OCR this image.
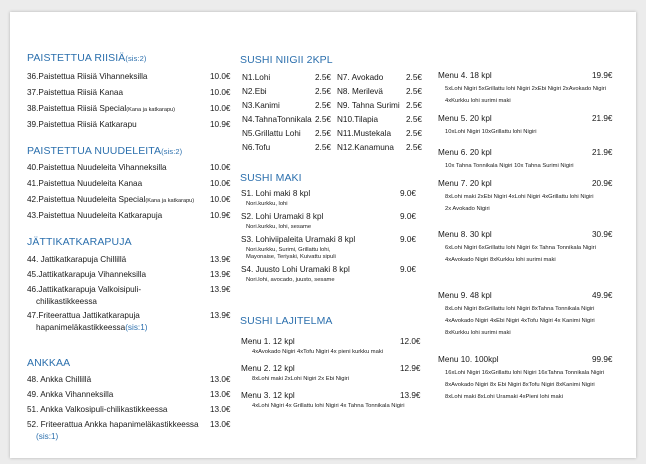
PAISTETTUA RIISIÄ(sis:2)
36.Paistettua Riisiä Vihanneksilla	10.0€
37.Paistettua Riisiä Kanaa	10.0€
38.Paistettua Riisiä Special(Kana ja katkarapu)	10.0€
39.Paistettua Riisiä Katkarapu	10.9€
PAISTETTUA NUUDELEITA(sis:2)
40.Paistettua Nuudeleita Vihanneksilla	10.0€
41.Paistettua Nuudeleita Kanaa	10.0€
42.Paistettua Nuudeleita Special(Kana ja katkarapu) 10.0€
43.Paistettua Nuudeleita Katkarapuja	10.9€
JÄTTIKATKARAPUJA
44. Jattikatkarapuja Chillillä	13.9€
45.Jattikatkarapuja Vihanneksilla	13.9€
46.Jattikatkarapuja Valkoisipuli-	13.9€
chilikastikkeessa
47.Friteerattua Jattikatkarapuja	13.9€
hapanimeläkastikkeessa(sis:1)
ANKKAA
48. Ankka Chillillä	13.0€
49. Ankka Vihanneksilla	13.0€
51. Ankka Valkosipuli-chilikastikkeessa	13.0€
52. Friteerattua Ankka hapanimeläkastikkeessa 13.0€
(sis:1)
SUSHI NIIGII 2KPL
N1.Lohi	2.5€
N2.Ebi	2.5€
N3.Kanimi	2.5€
N4.TahnaTonnikala 2.5€
N5.Grillattu Lohi 2.5€
N6.Tofu	2.5€
N7. Avokado	2.5€
N8. Merilevä	2.5€
N9. Tahna Surimi 2.5€
N10.Tilapia	2.5€
N11.Mustekala 2.5€
N12.Kanamuna 2.5€
SUSHI MAKI
S1. Lohi maki 8 kpl	9.0€
Nori.kurkku, lohi
S2. Lohi Uramaki 8 kpl	9.0€
Nori.kurkku, lohi, sesame
S3. Lohiviipaleita Uramaki 8 kpl	9.0€
Nori.kurkku, Surimi, Grillattu lohi,
Mayonaise, Teriyaki, Kuivattu sipuli
S4. Juusto Lohi Uramaki 8 kpl	9.0€
Nori.lohi, avocado, juusto, sesame
SUSHI LAJITELMA
Menu 1. 12 kpl	12.0€
4xAvokado Nigiri 4xTofu Nigiri 4x pieni kurkku maki
Menu 2. 12 kpl	12.9€
8xLohi maki 2xLohi Nigiri 2x Ebi Nigiri
Menu 3. 12 kpl	13.9€
4xLohi Nigiri 4x Grillattu lohi Nigiri 4x Tahna Tonnikala Nigiri
Menu 4. 18 kpl	19.9€
5xLohi Nigiri 5xGrillattu lohi Nigiri 2xEbi Nigiri 2xAvokado Nigiri
4xKurkku lohi surimi maki
Menu 5. 20 kpl	21.9€
10xLohi Nigiri 10xGrillattu lohi Nigiri
Menu 6. 20 kpl	21.9€
10x Tahna Tonnikala Nigiri 10x Tahna Surimi Nigiri
Menu 7. 20 kpl	20.9€
8xLohi maki 2xEbi Nigiri 4xLohi Nigiri 4xGrillattu lohi Nigiri
2x Avokado Nigiri
Menu 8. 30 kpl	30.9€
6xLohi Nigiri 6xGrillattu lohi Nigiri 6x Tahna Tonnikala Nigiri
4xAvokado Nigiri 8xKurkku lohi surimi maki
Menu 9. 48 kpl	49.9€
8xLohi Nigiri 8xGrillattu lohi Nigiri 8xTahna Tonnikala Nigiri
4xAvokado Nigiri 4xEbi Nigiri 4xTofu Nigiri 4x Kanimi Nigiri
8xKurkku lohi surimi maki
Menu 10. 100kpl	99.9€
16xLohi Nigiri 16xGrillattu lohi Nigiri 16xTahna Tonnikala Nigiri
8xAvokado Nigiri 8x Ebi Nigiri 8xTofu Nigiri 8xKanimi Nigiri
8xLohi maki 8xLohi Uramaki 4xPieni lohi maki
